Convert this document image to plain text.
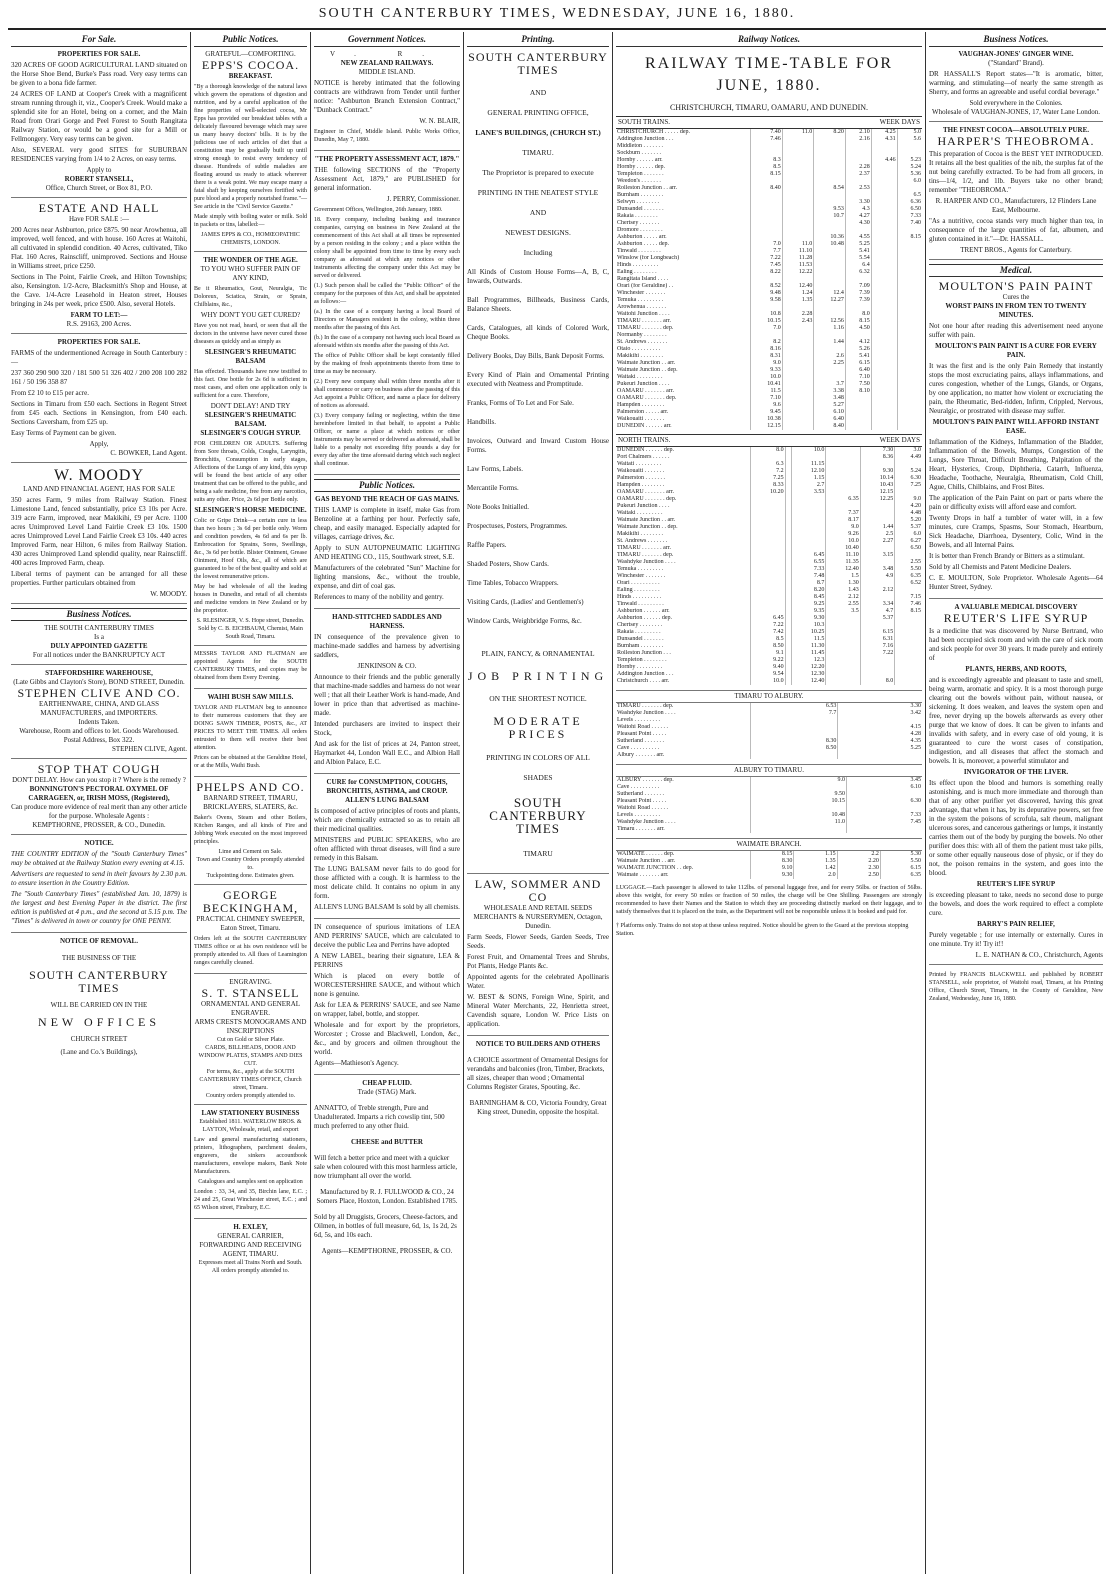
SOUTH CANTERBURY TIMES, WEDNESDAY, JUNE 16, 1880.
For Sale.
PROPERTIES FOR SALE.

320 ACRES OF GOOD AGRICULTURAL LAND situated on the Horse Shoe Bend, Burke's Pass road. Very easy terms can be given to a bona fide farmer.

24 ACRES OF LAND at Cooper's Creek with a magnificent stream running through it, viz., Cooper's Creek. Would make a splendid site for an Hotel, being on a corner, and the Main Road from Orari Gorge and Peel Forest to South Rangitata Railway Station, or would be a good site for a Mill or Fellmongery. Very easy terms can be given.

Also, SEVERAL very good SITES for SUBURBAN RESIDENCES varying from 1/4 to 2 Acres, on easy terms.

Apply to
ROBERT STANSELL,
Office, Church Street, or Box 81, P.O.
ESTATE AND HALL
Have FOR SALE :—

200 Acres near Ashburton, price £875. 90 near Arowhenua, all improved, well fenced, and with house. 160 Acres at Waitohi, all cultivated in splendid condition. 40 Acres, cultivated, Tiko Flat. 160 Acres, Rainscliff, unimproved. Sections and House in Williams street, price £250.

Sections in The Point, Fairlie Creek, and Hilton Townships; also, Kensington. 1/2-Acre, Blacksmith's Shop and House, at the Cave. 1/4-Acre Leasehold in Heaton street, Houses bringing in 24s per week, price £500. Also, several Hotels.

FARM TO LET:—
R.S. 29163, 200 Acres.
PROPERTIES FOR SALE.

FARMS of the undermentioned Acreage in South Canterbury :—

237 360 290 900 320 / 181 500 51 326 402 / 200 208 100 282 161 / 50 196 358 87

From £2 10 to £15 per acre.

Sections in Timaru from £50 each. Sections in Regent Street from £45 each. Sections in Kensington, from £40 each. Sections Caversham, from £25 up.

Easy Terms of Payment can be given.

Apply,
C. BOWKER, Land Agent.
W. MOODY
LAND AND FINANCIAL AGENT, HAS FOR SALE

350 acres Farm, 9 miles from Railway Station. Finest Limestone Land, fenced substantially, price £3 10s per Acre. 319 acre Farm, improved, near Makikihi, £9 per Acre. 1100 acres Unimproved Level Land Fairlie Creek £3 10s. 1500 acres Unimproved Level Land Fairlie Creek £3 10s. 440 acres Improved Farm, near Hilton, 6 miles from Railway Station. 430 acres Unimproved Land splendid quality, near Rainscliff. 400 acres Improved Farm, cheap.

Liberal terms of payment can be arranged for all these properties. Further particulars obtained from

W. MOODY.
Business Notices.
THE SOUTH CANTERBURY TIMES
Is a
DULY APPOINTED GAZETTE
For all notices under the BANKRUPTCY ACT
STAFFORDSHIRE WAREHOUSE,
(Late Gibbs and Clayton's Store), BOND STREET, Dunedin.
STEPHEN CLIVE AND CO.
EARTHENWARE, CHINA, AND GLASS MANUFACTURERS, and IMPORTERS.
Indents Taken.
Warehouse, Room and offices to let. Goods Warehoused. Postal Address, Box 322.
STEPHEN CLIVE, Agent.
STOP THAT COUGH
DON'T DELAY. How can you stop it ? Where is the remedy ?
BONNINGTON'S PECTORAL OXYMEL OF CARRAGEEN, or, IRISH MOSS, (Registered),
Can produce more evidence of real merit than any other article for the purpose. Wholesale Agents :
KEMPTHORNE, PROSSER, & CO., Dunedin.
NOTICE.

THE COUNTRY EDITION of the "South Canterbury Times" may be obtained at the Railway Station every evening at 4.15.

Advertisers are requested to send in their favours by 2.30 p.m. to ensure insertion in the Country Edition.

The "South Canterbury Times" (established Jan. 10, 1879) is the largest and best Evening Paper in the district. The first edition is published at 4 p.m., and the second at 5.15 p.m. The "Times" is delivered in town or country for ONE PENNY.

NOTICE OF REMOVAL.
THE BUSINESS OF THE
SOUTH CANTERBURY TIMES
WILL BE CARRIED ON IN THE
NEW OFFICES
CHURCH STREET
(Lane and Co.'s Buildings),
Public Notices.
GRATEFUL—COMFORTING.
EPPS'S COCOA.
BREAKFAST.

"By a thorough knowledge of the natural laws which govern the operations of digestion and nutrition, and by a careful application of the fine properties of well-selected cocoa, Mr Epps has provided our breakfast tables with a delicately flavoured beverage which may save us many heavy doctors' bills. It is by the judicious use of such articles of diet that a constitution may be gradually built up until strong enough to resist every tendency of disease. Hundreds of subtle maladies are floating around us ready to attack wherever there is a weak point. We may escape many a fatal shaft by keeping ourselves fortified with pure blood and a properly nourished frame."—See article in the "Civil Service Gazette."

Made simply with boiling water or milk. Sold in packets or tins, labelled:—

JAMES EPPS & CO., HOMŒOPATHIC CHEMISTS, LONDON.
THE WONDER OF THE AGE.
TO YOU WHO SUFFER PAIN OF ANY KIND,

Be it Rheumatics, Gout, Neuralgia, Tic Doloreux, Sciatica, Strain, or Sprain, Chilblains, &c.,

WHY DON'T YOU GET CURED?

Have you not read, heard, or seen that all the doctors in the universe have never cured those diseases as quickly and as simply as

SLESINGER'S RHEUMATIC BALSAM

Has effected. Thousands have now testified to this fact. One bottle for 2s 6d is sufficient in most cases, and often one application only is sufficient for a cure. Therefore,

DON'T DELAY! AND TRY
SLESINGER'S RHEUMATIC BALSAM.
SLESINGER'S COUGH SYRUP.

FOR CHILDREN OR ADULTS. Suffering from Sore throats, Colds, Coughs, Laryngitis, Bronchitis, Consumption in early stages, Affections of the Lungs of any kind, this syrup will be found the best article of any other treatment that can be offered to the public, and being a safe medicine, free from any narcotics, suits any other. Price, 2s 6d per Bottle only.

SLESINGER'S HORSE MEDICINE.

Colic or Gripe Drink—a certain cure in less than two hours ; 3s 6d per bottle only. Worm and condition powders, 4s 6d and 6s per lb. Embrocation for Sprains, Sores, Swellings, &c., 3s 6d per bottle. Blister Ointment, Grease Ointment, Hoof Oils, &c., all of which are guaranteed to be of the best quality and sold at the lowest remunerative prices.

May be had wholesale of all the leading houses in Dunedin, and retail of all chemists and medicine vendors in New Zealand or by the proprietor.

S. RLESINGER, V. S. Hope street, Dunedin.
Sold by C. B. EICHBAUM, Chemist, Main South Road, Timaru.

MESSRS TAYLOR AND FLATMAN are appointed Agents for the SOUTH CANTERBURY TIMES, and copies may be obtained from them Every Evening.

WAIHI BUSH SAW MILLS.

TAYLOR AND FLATMAN beg to announce to their numerous customers that they are DOING SAWN TIMBER, POSTS, &c., AT PRICES TO MEET THE TIMES. All orders entrusted to them will receive their best attention.

Prices can be obtained at the Geraldine Hotel, or at the Mills, Waihi Bush.

PHELPS AND CO.
BARNARD STREET, TIMARU, BRICKLAYERS, SLATERS, &c.

Baker's Ovens, Steam and other Boilers, Kitchen Ranges, and all kinds of Fire and Jobbing Work executed on the most improved principles.

Lime and Cement on Sale.
Town and Country Orders promptly attended to.
Tuckpointing done. Estimates given.
GEORGE BECKINGHAM,
PRACTICAL CHIMNEY SWEEPER, Eaton Street, Timaru.

Orders left at the SOUTH CANTERBURY TIMES office or at his own residence will be promptly attended to. All flues of Leamington ranges carefully cleaned.

ENGRAVING.
S. T. STANSELL
ORNAMENTAL AND GENERAL ENGRAVER.
ARMS CRESTS MONOGRAMS AND INSCRIPTIONS
Cut on Gold or Silver Plate.
CARDS, BILLHEADS, DOOR AND WINDOW PLATES, STAMPS AND DIES CUT.
For terms, &c., apply at the SOUTH CANTERBURY TIMES OFFICE, Church street, Timaru.
Country orders promptly attended to.
LAW STATIONERY BUSINESS
Established 1811. WATERLOW BROS. & LAYTON, Wholesale, retail, and export

Law and general manufacturing stationers, printers, lithographers, parchment dealers, engravers, die sinkers accountbook manufacturers, envelope makers, Bank Note Manufacturers.

Catalogues and samples sent on application

London : 33, 34, and 35, Birchin lane, E.C. ; 24 and 25, Great Winchester street, E.C. ; and 65 Wilson street, Finsbury, E.C.

H. EXLEY,
GENERAL CARRIER, FORWARDING AND RECEIVING AGENT, TIMARU.
Expresses meet all Trains North and South.
All orders promptly attended to.
Government Notices.
V. R.
NEW ZEALAND RAILWAYS.
MIDDLE ISLAND.

NOTICE is hereby intimated that the following contracts are withdrawn from Tender until further notice: "Ashburton Branch Extension Contract," "Dunback Contract."

W. N. BLAIR,

Engineer in Chief, Middle Island. Public Works Office, Dunedin, May 7, 1880.

"THE PROPERTY ASSESSMENT ACT, 1879."

THE following SECTIONS of the "Property Assessment Act, 1879," are PUBLISHED for general information.

J. PERRY, Commissioner.

Government Offices, Wellington, 26th January, 1880.

18. Every company, including banking and insurance companies, carrying on business in New Zealand at the commencement of this Act shall at all times be represented by a person residing in the colony ; and a place within the colony shall be appointed from time to time by every such company as aforesaid at which any notices or other instruments affecting the company under this Act may be served or delivered.

(1.) Such person shall be called the "Public Officer" of the company for the purposes of this Act, and shall be appointed as follows:—

(a.) In the case of a company having a local Board of Directors or Managers resident in the colony, within three months after the passing of this Act.

(b.) In the case of a company not having such local Board as aforesaid within six months after the passing of this Act.

The office of Public Officer shall be kept constantly filled by the making of fresh appointments thereto from time to time as may be necessary.

(2.) Every new company shall within three months after it shall commence or carry on business after the passing of this Act appoint a Public Officer, and name a place for delivery of notices as aforesaid.

(3.) Every company failing or neglecting, within the time hereinbefore limited in that behalf, to appoint a Public Officer, or name a place at which notices or other instruments may be served or delivered as aforesaid, shall be liable to a penalty not exceeding fifty pounds a day for every day after the time aforesaid during which such neglect shall continue.

Public Notices.
GAS BEYOND THE REACH OF GAS MAINS.

THIS LAMP is complete in itself, make Gas from Benzoline at a farthing per hour. Perfectly safe, cheap, and easily managed. Especially adapted for villages, carriage drives, &c.

Apply to SUN AUTOPNEUMATIC LIGHTING AND HEATING CO., 115, Southwark street, S.E.

Manufacturers of the celebrated "Sun" Machine for lighting mansions, &c., without the trouble, expense, and dirt of coal gas.

References to many of the nobility and gentry.

HAND-STITCHED SADDLES AND HARNESS.

IN consequence of the prevalence given to machine-made saddles and harness by advertising saddlers,

JENKINSON & CO.

Announce to their friends and the public generally that machine-made saddles and harness do not wear well ; that all their Leather Work is hand-made, And lower in price than that advertised as machine-made.

Intended purchasers are invited to inspect their Stock,

And ask for the list of prices at 24, Panton street, Haymarket 44, London Wall E.C., and Albion Hall and Albion Palace, E.C.

CURE for CONSUMPTION, COUGHS, BRONCHITIS, ASTHMA, and CROUP.
ALLEN'S LUNG BALSAM

Is composed of active principles of roots and plants, which are chemically extracted so as to retain all their medicinal qualities.

MINISTERS and PUBLIC SPEAKERS, who are often afflicted with throat diseases, will find a sure remedy in this Balsam.

The LUNG BALSAM never fails to do good for those afflicted with a cough. It is harmless to the most delicate child. It contains no opium in any form.

ALLEN'S LUNG BALSAM Is sold by all chemists.

IN consequence of spurious imitations of LEA AND PERRINS' SAUCE, which are calculated to deceive the public Lea and Perrins have adopted

A NEW LABEL, bearing their signature, LEA & PERRINS

Which is placed on every bottle of WORCESTERSHIRE SAUCE, and without which none is genuine.

Ask for LEA & PERRINS' SAUCE, and see Name on wrapper, label, bottle, and stopper.

Wholesale and for export by the proprietors, Worcester ; Crosse and Blackwell, London, &c., &c., and by grocers and oilmen throughout the world.

Agents—Mathieson's Agency.

CHEAP FLUID.
Trade (STAG) Mark.

ANNATTO, of Treble strength, Pure and Unadulterated. Imparts a rich cowslip tint, 500 much preferred to any other fluid.

CHEESE and BUTTER

Will fetch a better price and meet with a quicker sale when coloured with this most harmless article, now triumphant all over the world.

Manufactured by R. J. FULLWOOD & CO., 24 Somers Place, Hoxton, London. Established 1785.

Sold by all Druggists, Grocers, Cheese-factors, and Oilmen, in bottles of full measure, 6d, 1s, 1s 2d, 2s 6d, 5s, and 10s each.

Agents—KEMPTHORNE, PROSSER, & CO.

Printing.
SOUTH CANTERBURY TIMES
AND
GENERAL PRINTING OFFICE,
LANE'S BUILDINGS, (CHURCH ST.)
TIMARU.
The Proprietor is prepared to execute
PRINTING IN THE NEATEST STYLE
AND
NEWEST DESIGNS.
Including

All Kinds of Custom House Forms—A, B, C, Inwards, Outwards.

Ball Programmes, Billheads, Business Cards, Balance Sheets.

Cards, Catalogues, all kinds of Colored Work, Cheque Books.

Delivery Books, Day Bills, Bank Deposit Forms.

Every Kind of Plain and Ornamental Printing executed with Neatness and Promptitude.

Franks, Forms of To Let and For Sale.

Handbills.

Invoices, Outward and Inward Custom House Forms.

Law Forms, Labels.

Mercantile Forms.

Note Books Initialled.

Prospectuses, Posters, Programmes.

Raffle Papers.

Shaded Posters, Show Cards.

Time Tables, Tobacco Wrappers.

Visiting Cards, (Ladies' and Gentlemen's)

Window Cards, Weighbridge Forms, &c.

PLAIN, FANCY, & ORNAMENTAL
JOB PRINTING
ON THE SHORTEST NOTICE.
MODERATE PRICES
PRINTING IN COLORS OF ALL
SHADES
SOUTH CANTERBURY TIMES
TIMARU
LAW, SOMMER AND CO
WHOLESALE AND RETAIL SEEDS MERCHANTS & NURSERYMEN, Octagon, Dunedin.

Farm Seeds, Flower Seeds, Garden Seeds, Tree Seeds.

Forest Fruit, and Ornamental Trees and Shrubs, Pot Plants, Hedge Plants &c.

Appointed agents for the celebrated Apollinaris Water.

W. BEST & SONS, Foreign Wine, Spirit, and Mineral Water Merchants, 22, Henrietta street, Cavendish square, London W. Price Lists on application.

NOTICE TO BUILDERS AND OTHERS

A CHOICE assortment of Ornamental Designs for verandahs and balconies (Iron, Timber, Brackets, all sizes, cheaper than wood ; Ornamental Columns Register Grates, Spouting, &c.

BARNINGHAM & CO, Victoria Foundry, Great King street, Dunedin, opposite the hospital.

Railway Notices.
RAILWAY TIME-TABLE FOR JUNE, 1880.
CHRISTCHURCH, TIMARU, OAMARU, AND DUNEDIN.
SOUTH TRAINS.	WEEK DAYS
CHRISTCHURCH . . . . . dep.	7.40	11.0	8.20	2.10	4.25	5.0
Addington Junction . . .	7.46			2.16	4.31	5.6
Middleton . . . . . . .						
Sockburn . . . . . . .						
Hornby . . . . . . arr.	8.3				4.46	5.23
Hornby . . . . . . dep.	8.5			2.28		5.24
Templeton . . . . . . .	8.15			2.37		5.36
Weedon's . . . . . . .						6.0
Rolleston Junction . . arr.	8.40		8.54	2.53		
Burnham . . . . . . . .						6.5
Selwyn . . . . . . . .				3.30		6.36
Dunsandel . . . . . . .			9.53	4.3		6.50
Rakaia . . . . . . . .			10.7	4.27		7.33
Chertsey . . . . . . .				4.30		7.40
Dromore . . . . . . . .						
Ashburton . . . . . arr.			10.36	4.55		8.15
Ashburton . . . . . dep.	7.0	11.0	10.48	5.25		
Tinwald . . . . . . . .	7.7	11.10		5.41		
Winslow (for Longbeach)	7.22	11.28		5.54		
Hinds . . . . . . . . .	7.45	11.53		6.4		
Ealing . . . . . . . .	8.22	12.22		6.32		
Rangitata Island . . . .						
Orari (for Geraldine) . .	8.52	12.40		7.09		
Winchester . . . . . . .	9.48	1.24	12.4	7.39		
Temuka . . . . . . . . .	9.58	1.35	12.27	7.39		
Arowhenua . . . . . . .						
Waitohi Junction . . . .	10.8	2.28		8.0		
TIMARU . . . . . . . arr.	10.15	2.43	12.56	8.15		
TIMARU . . . . . . . dep.	7.0		1.16	4.50		
Normanby . . . . . . . .						
St. Andrews . . . . . . .	8.2		1.44	4.12		
Otaio . . . . . . . . . .	8.16			5.26		
Makikihi . . . . . . . .	8.31		2.6	5.41		
Waimate Junction . . arr.	9.0		2.25	6.15		
Waimate Junction . . dep.	9.33			6.40		
Waitaki . . . . . . . . .	10.0			7.10		
Pukeuri Junction . . . .	10.41		3.7	7.50		
OAMARU . . . . . . . arr.	11.5		3.38	8.10		
OAMARU . . . . . . . dep.	7.10		3.48			
Hampden . . . . . . . .	9.6		5.27			
Palmerston . . . . . arr.	9.45		6.10			
Waikouaiti . . . . . . .	10.38		6.40			
DUNEDIN . . . . . . arr.	12.15		8.40			
NORTH TRAINS.	WEEK DAYS
DUNEDIN . . . . . . dep.	8.0		10.0		7.30	3.0
Port Chalmers . . . . . .					8.36	4.49
Waitati . . . . . . . . .	6.3		11.15			
Waikouaiti . . . . . . .	7.2		12.10		9.30	5.24
Palmerston . . . . . . .	7.25		1.15		10.14	6.30
Hampden . . . . . . . .	8.33		2.7		10.43	7.25
OAMARU . . . . . . . arr.	10.20		3.53		12.15	
OAMARU . . . . . . . dep.				6.35	12.25	9.0
Pukeuri Junction . . . .						4.20
Waitaki . . . . . . . . .				7.37		4.48
Waimate Junction . . arr.				8.17		5.20
Waimate Junction . . dep.				9.0	1.44	5.37
Makikihi . . . . . . . .				9.26	2.5	6.0
St. Andrews . . . . . . .				10.0	2.27	6.27
TIMARU . . . . . . . arr.				10.40		6.50
TIMARU . . . . . . . dep.			6.45	11.10	3.15	
Washdyke Junction . . . .			6.55	11.35		2.55
Temuka . . . . . . . . .			7.33	12.40	3.48	5.50
Winchester . . . . . . .			7.48	1.5	4.9	6.35
Orari . . . . . . . . . .			8.7	1.30		6.52
Ealing . . . . . . . . .			8.20	1.43	2.12	
Hinds . . . . . . . . . .			8.45	2.12		7.15
Tinwald . . . . . . . . .			9.25	2.55	3.34	7.46
Ashburton . . . . . . arr.			9.35	3.5	4.7	8.15
Ashburton . . . . . . dep.	6.45		9.30		5.37	
Chertsey . . . . . . . .	7.22		10.3			
Rakaia . . . . . . . . .	7.42		10.25		6.15	
Dunsandel . . . . . . .	8.5		11.5		6.31	
Burnham . . . . . . . .	8.50		11.30		7.16	
Rolleston Junction . . .	9.1		11.45		7.22	
Templeton . . . . . . . .	9.22		12.3			
Hornby . . . . . . . . .	9.40		12.20			
Addington Junction . . .	9.54		12.30			
Christchurch . . . . arr.	10.0		12.40		8.0	
TIMARU TO ALBURY.
TIMARU . . . . . . . dep.	6.53	3.30
Washdyke Junction . . . .	7.7	3.42
Levels . . . . . . . . .		
Waitohi Road . . . . . .		4.15
Pleasant Point . . . . .		4.28
Sutherland . . . . . . .	8.30	4.35
Cave . . . . . . . . . .	8.50	5.25
Albury . . . . . . . arr.		
ALBURY TO TIMARU.
ALBURY . . . . . . . dep.	9.0	3.45
Cave . . . . . . . . . .		6.10
Sutherland . . . . . . .	9.50	
Pleasant Point . . . . .	10.15	6.30
Waitohi Road . . . . . .		
Levels . . . . . . . . .	10.48	7.33
Washdyke Junction . . . .	11.0	7.45
Timaru . . . . . . . arr.		
WAIMATE BRANCH.
WAIMATE . . . . . . dep.	8.15	1.15	2.2	5.30
Waimate Junction . . arr.	8.30	1.35	2.20	5.50
WAIMATE JUNCTION . . dep.	9.10	1.42	2.30	6.15
Waimate . . . . . . . arr.	9.30	2.0	2.50	6.35

LUGGAGE.—Each passenger is allowed to take 112lbs. of personal luggage free, and for every 56lbs. or fraction of 56lbs. above this weight, for every 50 miles or fraction of 50 miles, the charge will be One Shilling. Passengers are strongly recommended to have their Names and the Station to which they are proceeding distinctly marked on their luggage, and to satisfy themselves that it is placed on the train, as the Department will not be responsible unless it is booked and paid for.

† Platforms only. Trains do not stop at these unless required. Notice should be given to the Guard at the previous stopping Station.

Business Notices.
VAUGHAN-JONES' GINGER WINE.
("Standard" Brand).

DR HASSALL'S Report states—"It is aromatic, bitter, warming, and stimulating—of nearly the same strength as Sherry, and forms an agreeable and useful cordial beverage."

Sold everywhere in the Colonies.
Wholesale of VAUGHAN-JONES, 17, Water Lane London.
THE FINEST COCOA—ABSOLUTELY PURE.
HARPER'S THEOBROMA.

This preparation of Cocoa is the BEST YET INTRODUCED. It retains all the best qualities of the nib, the surplus fat of the nut being carefully extracted. To be had from all grocers, in tins—1/4, 1/2, and 1lb. Buyers take no other brand; remember "THEOBROMA."

R. HARPER AND CO., Manufacturers, 12 Flinders Lane East, Melbourne.

"As a nutritive, cocoa stands very much higher than tea, in consequence of the large quantities of fat, albumen, and gluten contained in it."—Dr. HASSALL.

TRENT BROS., Agents for Canterbury.
Medical.
MOULTON'S PAIN PAINT
Cures the
WORST PAINS IN FROM TEN TO TWENTY MINUTES.

Not one hour after reading this advertisement need anyone suffer with pain.

MOULTON'S PAIN PAINT IS A CURE FOR EVERY PAIN.

It was the first and is the only Pain Remedy that instantly stops the most excruciating pains, allays inflammations, and cures congestion, whether of the Lungs, Glands, or Organs, by one application, no matter how violent or excruciating the pain, the Rheumatic, Bed-ridden, Infirm, Crippled, Nervous, Neuralgic, or prostrated with disease may suffer.

MOULTON'S PAIN PAINT WILL AFFORD INSTANT EASE.

Inflammation of the Kidneys, Inflammation of the Bladder, Inflammation of the Bowels, Mumps, Congestion of the Lungs, Sore Throat, Difficult Breathing, Palpitation of the Heart, Hysterics, Croup, Diphtheria, Catarrh, Influenza, Headache, Toothache, Neuralgia, Rheumatism, Cold Chill, Ague, Chills, Chilblains, and Frost Bites.

The application of the Pain Paint on part or parts where the pain or difficulty exists will afford ease and comfort.

Twenty Drops in half a tumbler of water will, in a few minutes, cure Cramps, Spasms, Sour Stomach, Heartburn, Sick Headache, Diarrhoea, Dysentery, Colic, Wind in the Bowels, and all Internal Pains.

It is better than French Brandy or Bitters as a stimulant.

Sold by all Chemists and Patent Medicine Dealers.

C. E. MOULTON, Sole Proprietor. Wholesale Agents—64 Hunter Street, Sydney.

A VALUABLE MEDICAL DISCOVERY
REUTER'S LIFE SYRUP

Is a medicine that was discovered by Nurse Bertrand, who had been occupied sick room and with the care of sick room and sick people for over 30 years. It made purely and entirely of

PLANTS, HERBS, AND ROOTS,

and is exceedingly agreeable and pleasant to taste and smell, being warm, aromatic and spicy. It is a most thorough purge clearing out the bowels without pain, without nausea, or sickening. It does weaken, and leaves the system open and free, never drying up the bowels afterwards as every other purge that we know of does. It can be given to infants and invalids with safety, and in every case of old young, it is guaranteed to cure the worst cases of constipation, indigestion, and all diseases that affect the stomach and bowels. It is, moreover, a powerful stimulator and

INVIGORATOR OF THE LIVER.

Its effect upon the blood and humors is something really astonishing, and is much more immediate and thorough than that of any other purifier yet discovered, having this great advantage, that when it has, by its depurative powers, set free in the system the poisons of scrofula, salt rheum, malignant ulcerous sores, and cancerous gatherings or lumps, it instantly carries them out of the body by purging the bowels. No other purifier does this: with all of them the patient must take pills, or some other equally nauseous dose of physic, or if they do not, the poison remains in the system, and goes into the blood.

REUTER'S LIFE SYRUP

is exceeding pleasant to take, needs no second dose to purge the bowels, and does the work required to effect a complete cure.

BARRY'S PAIN RELIEF,

Purely vegetable ; for use internally or externally. Cures in one minute. Try it! Try it!!

L. E. NATHAN & CO., Christchurch, Agents

Printed by FRANCIS BLACKWELL and published by ROBERT STANSELL, sole proprietor, of Waitohi road, Timaru, at his Printing Office, Church Street, Timaru, in the County of Geraldine, New Zealand, Wednesday, June 16, 1880.
